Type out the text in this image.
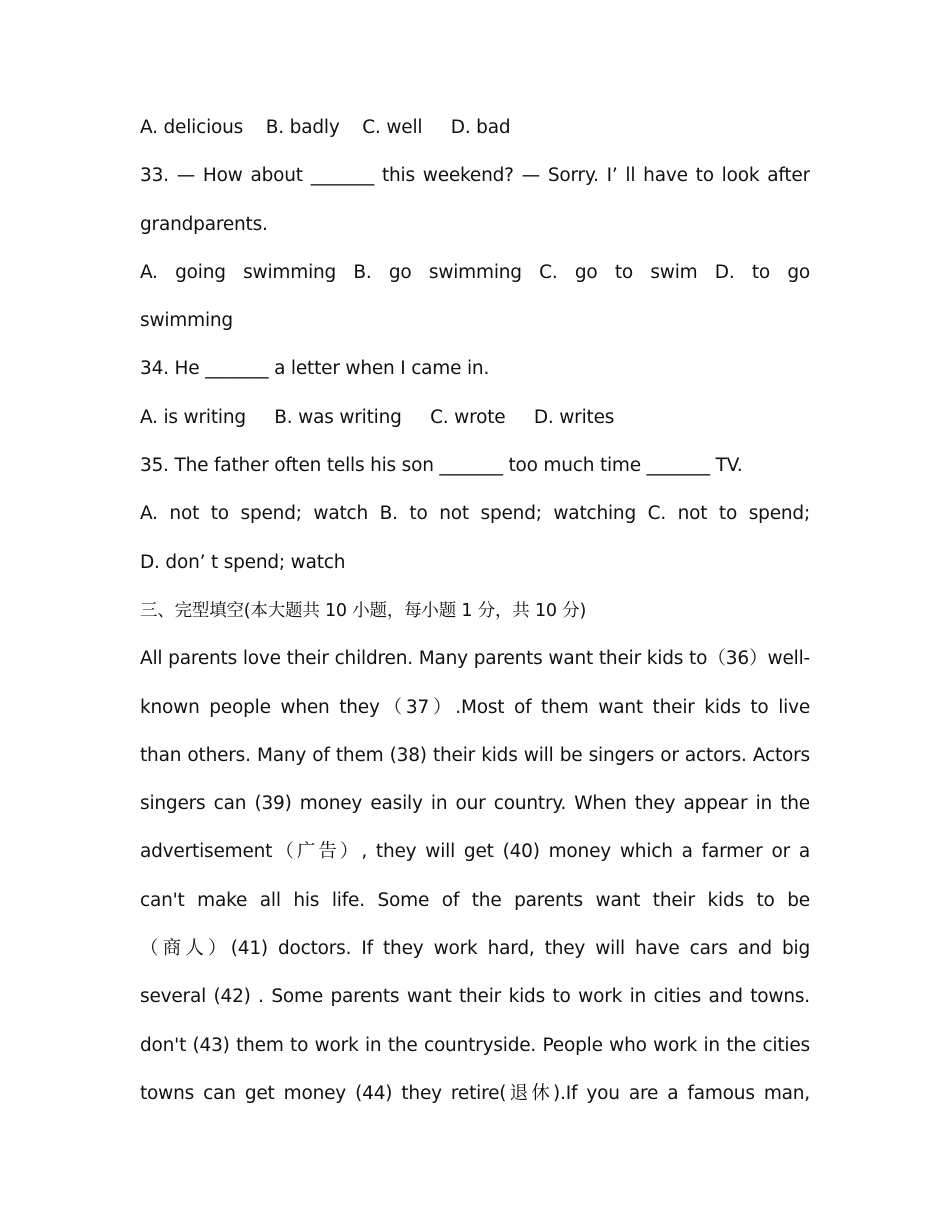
A. delicious    B. badly    C. well     D. bad
33. — How about _______ this weekend? — Sorry. I’ ll have to look after
grandparents.
A. going swimming B. go swimming C. go to swim D. to go
swimming
34. He _______ a letter when I came in.
A. is writing     B. was writing     C. wrote     D. writes
35. The father often tells his son _______ too much time _______ TV.
A. not to spend; watch B. to not spend; watching C. not to spend;
D. don’ t spend; watch
三、完型填空(本大题共 10 小题，每小题 1 分，共 10 分)
All parents love their children. Many parents want their kids to（36）well-
known people when they（37）.Most of them want their kids to live
than others. Many of them (38) their kids will be singers or actors. Actors
singers can (39) money easily in our country. When they appear in the
advertisement（广告）, they will get (40) money which a farmer or a
can't make all his life. Some of the parents want their kids to be
（商人）(41) doctors. If they work hard, they will have cars and big
several (42) . Some parents want their kids to work in cities and towns.
don't (43) them to work in the countryside. People who work in the cities
towns can get money (44) they retire(退休).If you are a famous man,
